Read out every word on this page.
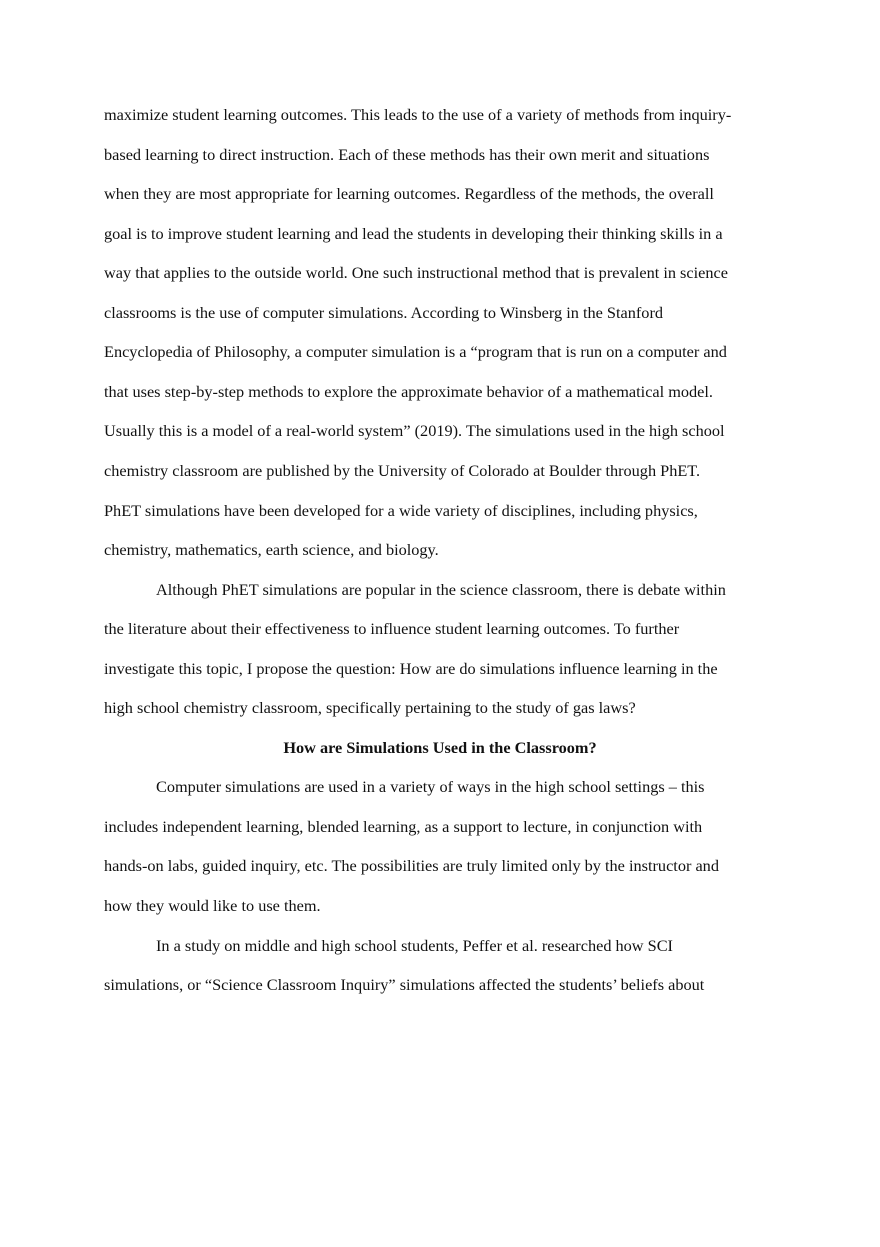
maximize student learning outcomes. This leads to the use of a variety of methods from inquiry-
based learning to direct instruction. Each of these methods has their own merit and situations
when they are most appropriate for learning outcomes. Regardless of the methods, the overall
goal is to improve student learning and lead the students in developing their thinking skills in a
way that applies to the outside world. One such instructional method that is prevalent in science
classrooms is the use of computer simulations. According to Winsberg in the Stanford
Encyclopedia of Philosophy, a computer simulation is a “program that is run on a computer and
that uses step-by-step methods to explore the approximate behavior of a mathematical model.
Usually this is a model of a real-world system” (2019). The simulations used in the high school
chemistry classroom are published by the University of Colorado at Boulder through PhET.
PhET simulations have been developed for a wide variety of disciplines, including physics,
chemistry, mathematics, earth science, and biology.
Although PhET simulations are popular in the science classroom, there is debate within
the literature about their effectiveness to influence student learning outcomes. To further
investigate this topic, I propose the question: How are do simulations influence learning in the
high school chemistry classroom, specifically pertaining to the study of gas laws?
How are Simulations Used in the Classroom?
Computer simulations are used in a variety of ways in the high school settings – this
includes independent learning, blended learning, as a support to lecture, in conjunction with
hands-on labs, guided inquiry, etc. The possibilities are truly limited only by the instructor and
how they would like to use them.
In a study on middle and high school students, Peffer et al. researched how SCI
simulations, or “Science Classroom Inquiry” simulations affected the students’ beliefs about
